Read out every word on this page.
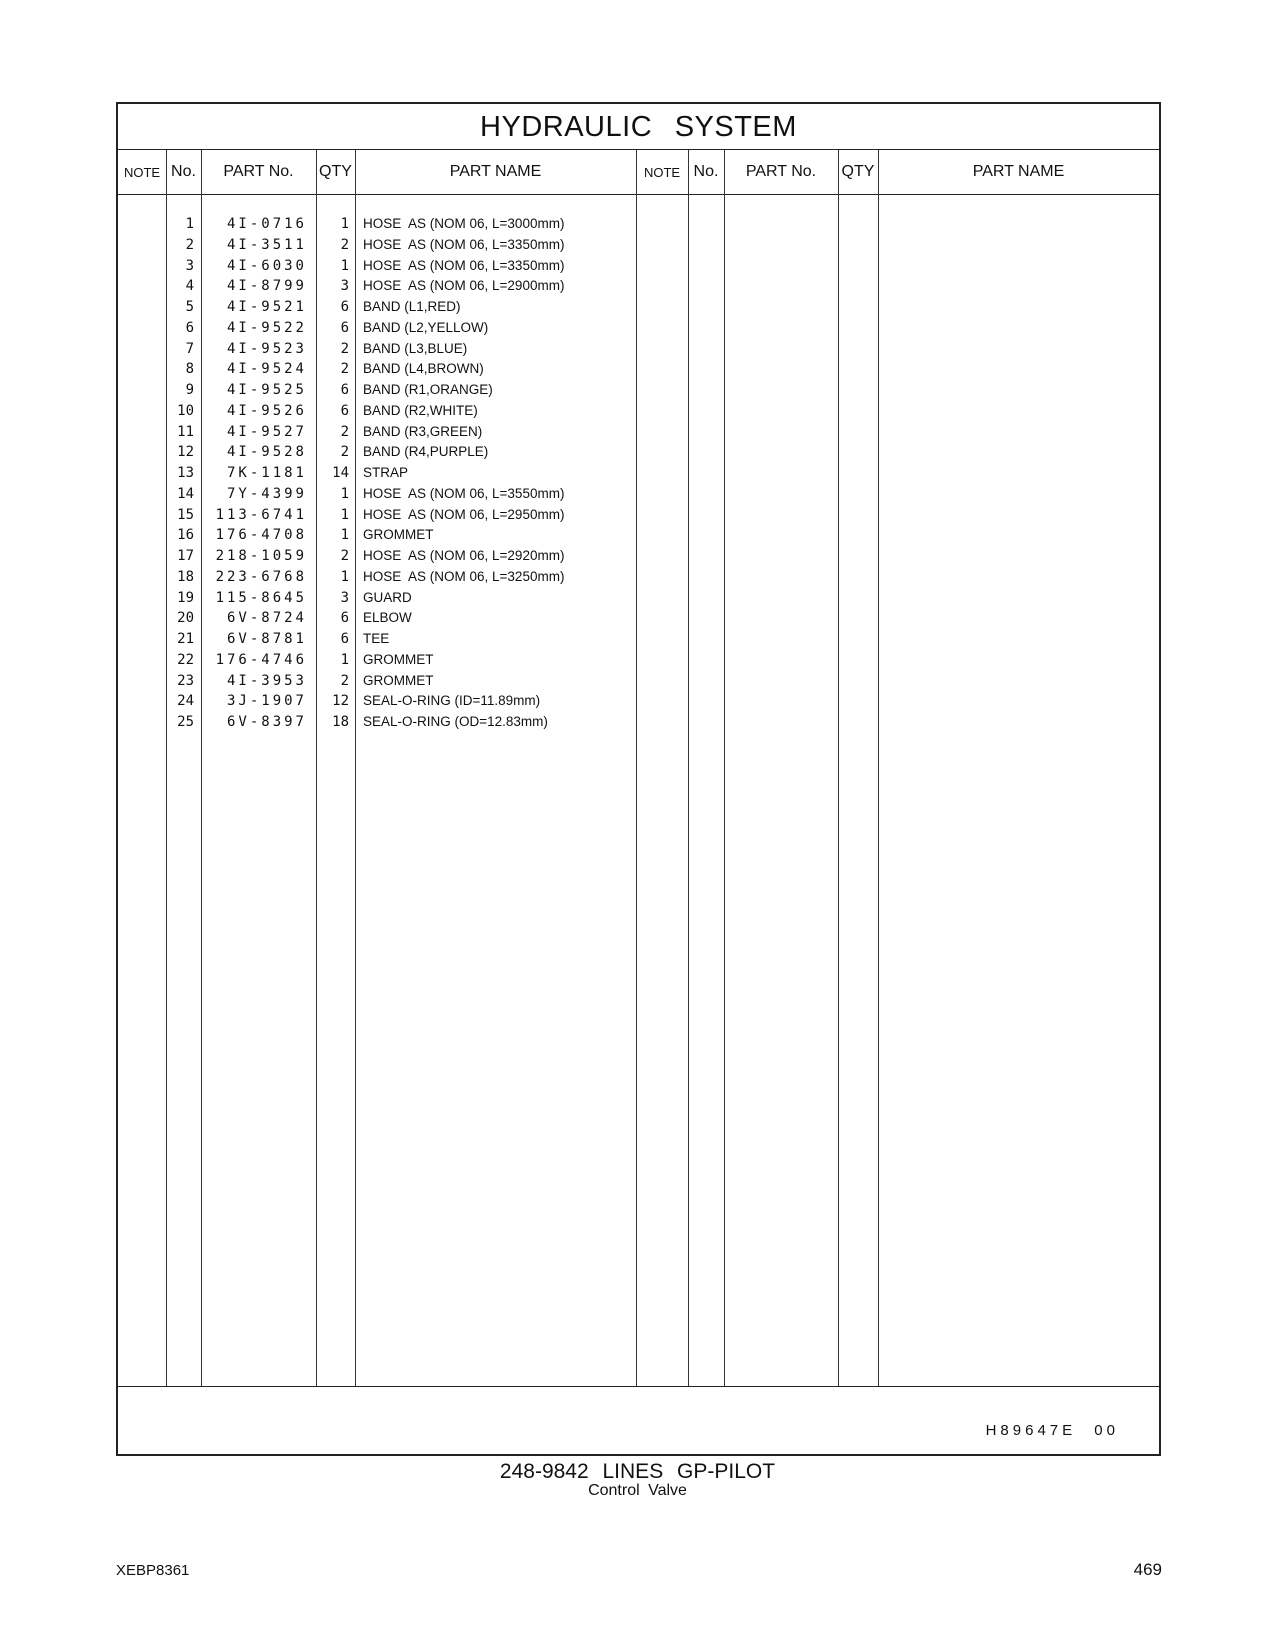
HYDRAULIC SYSTEM
NOTE No.	PART No.	QTY	PART NAME	NOTE No.	PART No.	QTY	PART NAME
1	4I-0716	1 HOSE  AS (NOM 06, L=3000mm)
2	4I-3511	2 HOSE  AS (NOM 06, L=3350mm)
3	4I-6030	1 HOSE  AS (NOM 06, L=3350mm)
4	4I-8799	3 HOSE  AS (NOM 06, L=2900mm)
5	4I-9521	6 BAND (L1,RED)
6	4I-9522	6 BAND (L2,YELLOW)
7	4I-9523	2 BAND (L3,BLUE)
8	4I-9524	2 BAND (L4,BROWN)
9	4I-9525	6 BAND (R1,ORANGE)
10	4I-9526	6 BAND (R2,WHITE)
11	4I-9527	2 BAND (R3,GREEN)
12	4I-9528	2 BAND (R4,PURPLE)
13	7K-1181	14 STRAP
14	7Y-4399	1 HOSE  AS (NOM 06, L=3550mm)
15	113-6741	1 HOSE  AS (NOM 06, L=2950mm)
16	176-4708	1 GROMMET
17	218-1059	2 HOSE  AS (NOM 06, L=2920mm)
18	223-6768	1 HOSE  AS (NOM 06, L=3250mm)
19	115-8645	3 GUARD
20	6V-8724	6 ELBOW
21	6V-8781	6 TEE
22	176-4746	1 GROMMET
23	4I-3953	2 GROMMET
24	3J-1907	12 SEAL-O-RING (ID=11.89mm)
25	6V-8397	18 SEAL-O-RING (OD=12.83mm)
H89647E 00
248-9842 LINES GP-PILOT
Control Valve
XEBP8361	469
